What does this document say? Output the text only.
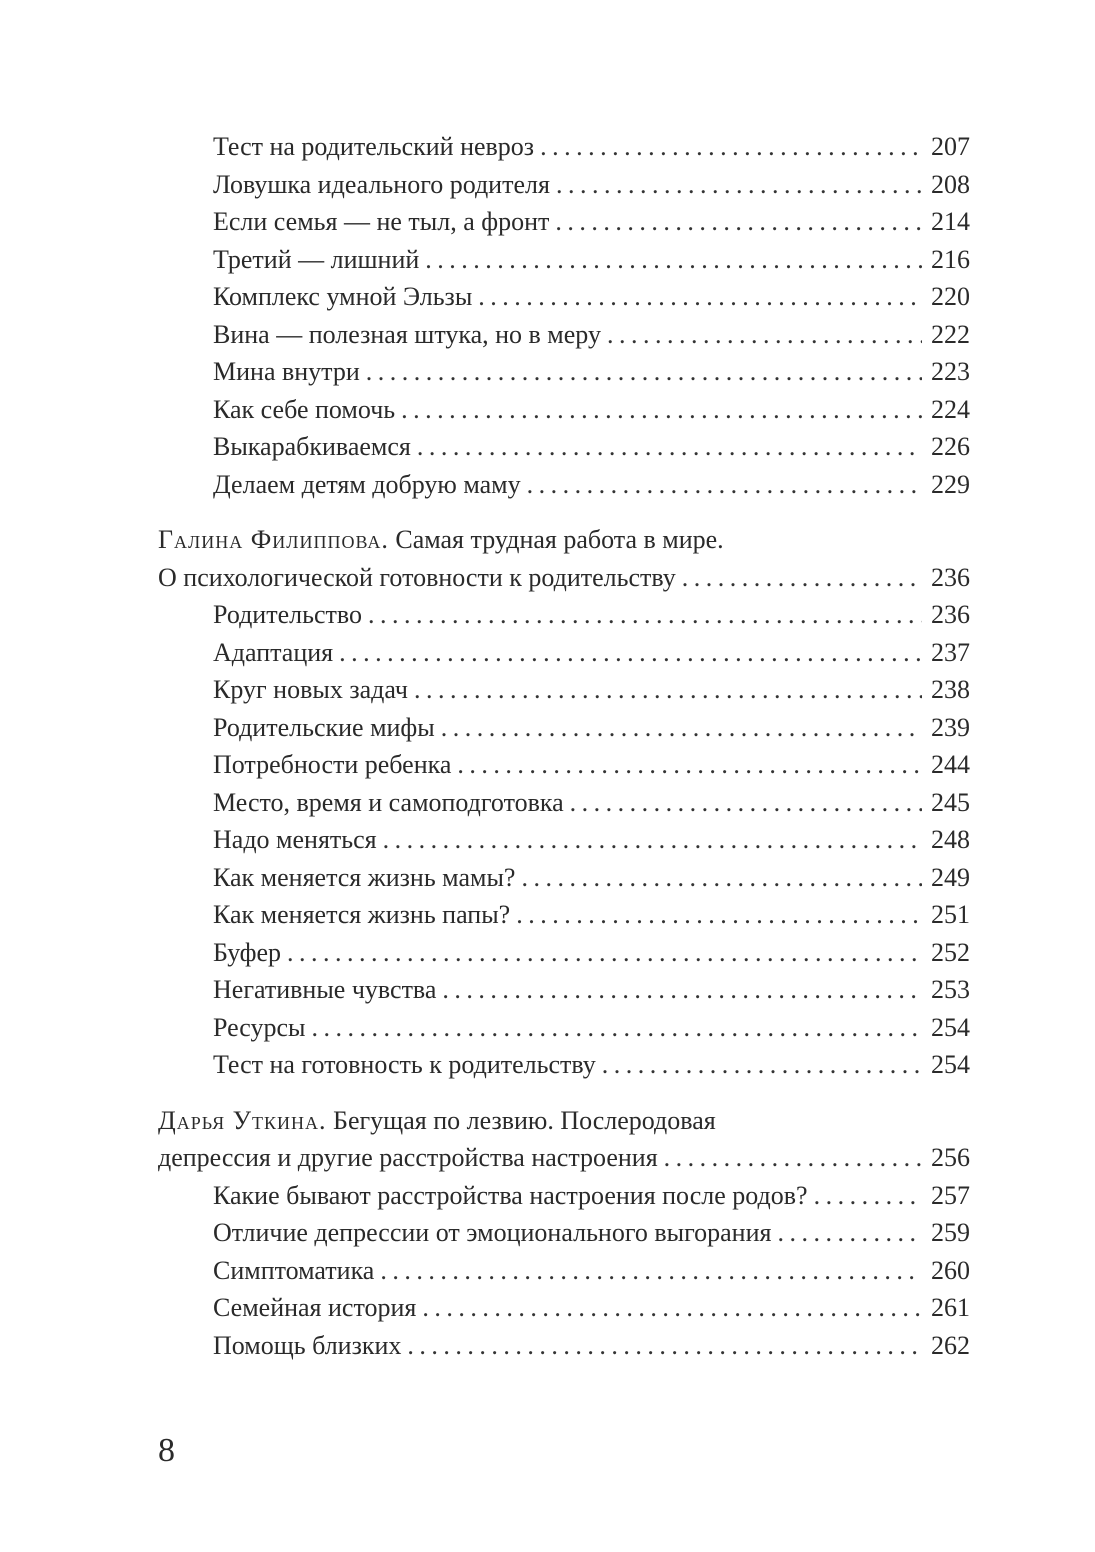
Тест на родительский невроз . . .	207
Ловушка идеального родителя . . .	208
Если семья — не тыл, а фронт . . .	214
Третий — лишний . . .	216
Комплекс умной Эльзы . . .	220
Вина — полезная штука, но в меру . . .	222
Мина внутри . . .	223
Как себе помочь . . .	224
Выкарабкиваемся . . .	226
Делаем детям добрую маму . . .	229
Галина Филиппова. Самая трудная работа в мире.
О психологической готовности к родительству . . .	236
Родительство . . .	236
Адаптация . . .	237
Круг новых задач . . .	238
Родительские мифы . . .	239
Потребности ребенка . . .	244
Место, время и самоподготовка . . .	245
Надо меняться . . .	248
Как меняется жизнь мамы? . . .	249
Как меняется жизнь папы? . . .	251
Буфер . . .	252
Негативные чувства . . .	253
Ресурсы . . .	254
Тест на готовность к родительству . . .	254
Дарья Уткина. Бегущая по лезвию. Послеродовая
депрессия и другие расстройства настроения . . .	256
Какие бывают расстройства настроения после родов? . . .	257
Отличие депрессии от эмоционального выгорания . . .	259
Симптоматика . . .	260
Семейная история . . .	261
Помощь близких . . .	262
8
